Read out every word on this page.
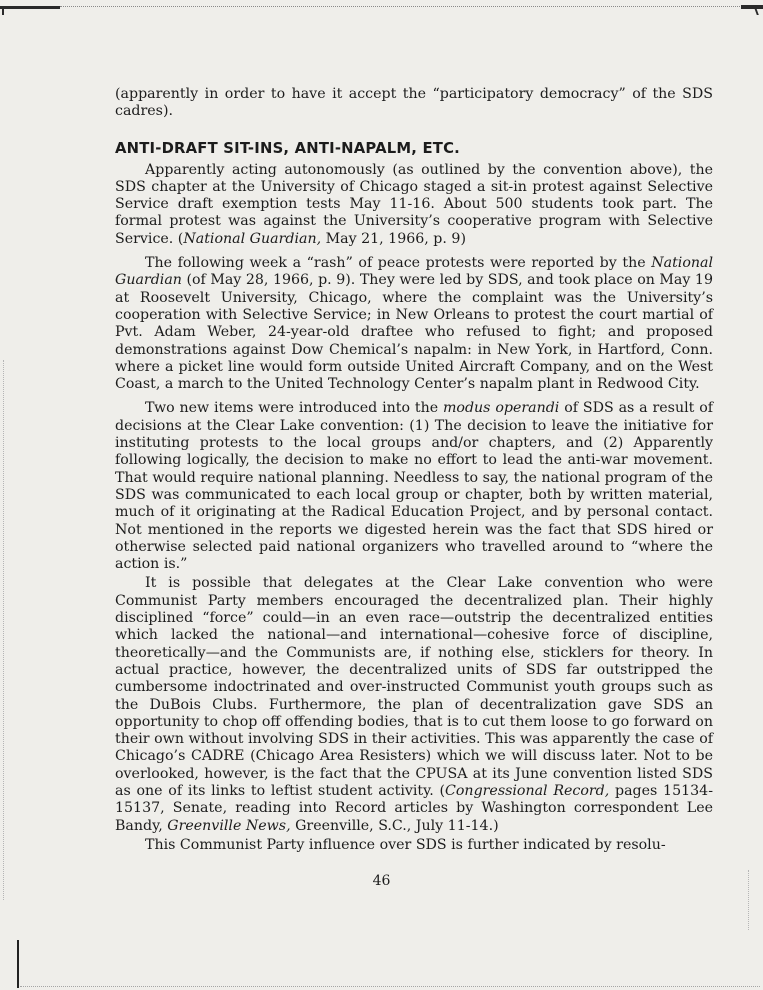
(apparently in order to have it accept the “participatory democracy” of the SDS cadres).

ANTI-DRAFT SIT-INS, ANTI-NAPALM, ETC.

Apparently acting autonomously (as outlined by the convention above), the SDS chapter at the University of Chicago staged a sit-in protest against Selective Service draft exemption tests May 11-16. About 500 students took part. The formal protest was against the University’s cooperative program with Selective Service. (National Guardian, May 21, 1966, p. 9)

The following week a “rash” of peace protests were reported by the National Guardian (of May 28, 1966, p. 9). They were led by SDS, and took place on May 19 at Roosevelt University, Chicago, where the complaint was the University’s cooperation with Selective Service; in New Orleans to protest the court martial of Pvt. Adam Weber, 24-year-old draftee who refused to fight; and proposed demonstrations against Dow Chemical’s napalm: in New York, in Hartford, Conn. where a picket line would form outside United Aircraft Company, and on the West Coast, a march to the United Technology Center’s napalm plant in Redwood City.

Two new items were introduced into the modus operandi of SDS as a result of decisions at the Clear Lake convention: (1) The decision to leave the initiative for instituting protests to the local groups and/or chapters, and (2) Apparently following logically, the decision to make no effort to lead the anti-war movement. That would require national planning. Needless to say, the national program of the SDS was communicated to each local group or chapter, both by written material, much of it originating at the Radical Education Project, and by personal contact. Not mentioned in the reports we digested herein was the fact that SDS hired or otherwise selected paid national organizers who travelled around to “where the action is.”

It is possible that delegates at the Clear Lake convention who were Communist Party members encouraged the decentralized plan. Their highly disciplined “force” could—in an even race—outstrip the decentralized entities which lacked the national—and international—cohesive force of discipline, theoretically—and the Communists are, if nothing else, sticklers for theory. In actual practice, however, the decentralized units of SDS far outstripped the cumbersome indoctrinated and over-instructed Communist youth groups such as the DuBois Clubs. Furthermore, the plan of decentralization gave SDS an opportunity to chop off offending bodies, that is to cut them loose to go forward on their own without involving SDS in their activities. This was apparently the case of Chicago’s CADRE (Chicago Area Resisters) which we will discuss later. Not to be overlooked, however, is the fact that the CPUSA at its June convention listed SDS as one of its links to leftist student activity. (Congressional Record, pages 15134-15137, Senate, reading into Record articles by Washington correspondent Lee Bandy, Greenville News, Greenville, S.C., July 11-14.)

This Communist Party influence over SDS is further indicated by resolu-

46
